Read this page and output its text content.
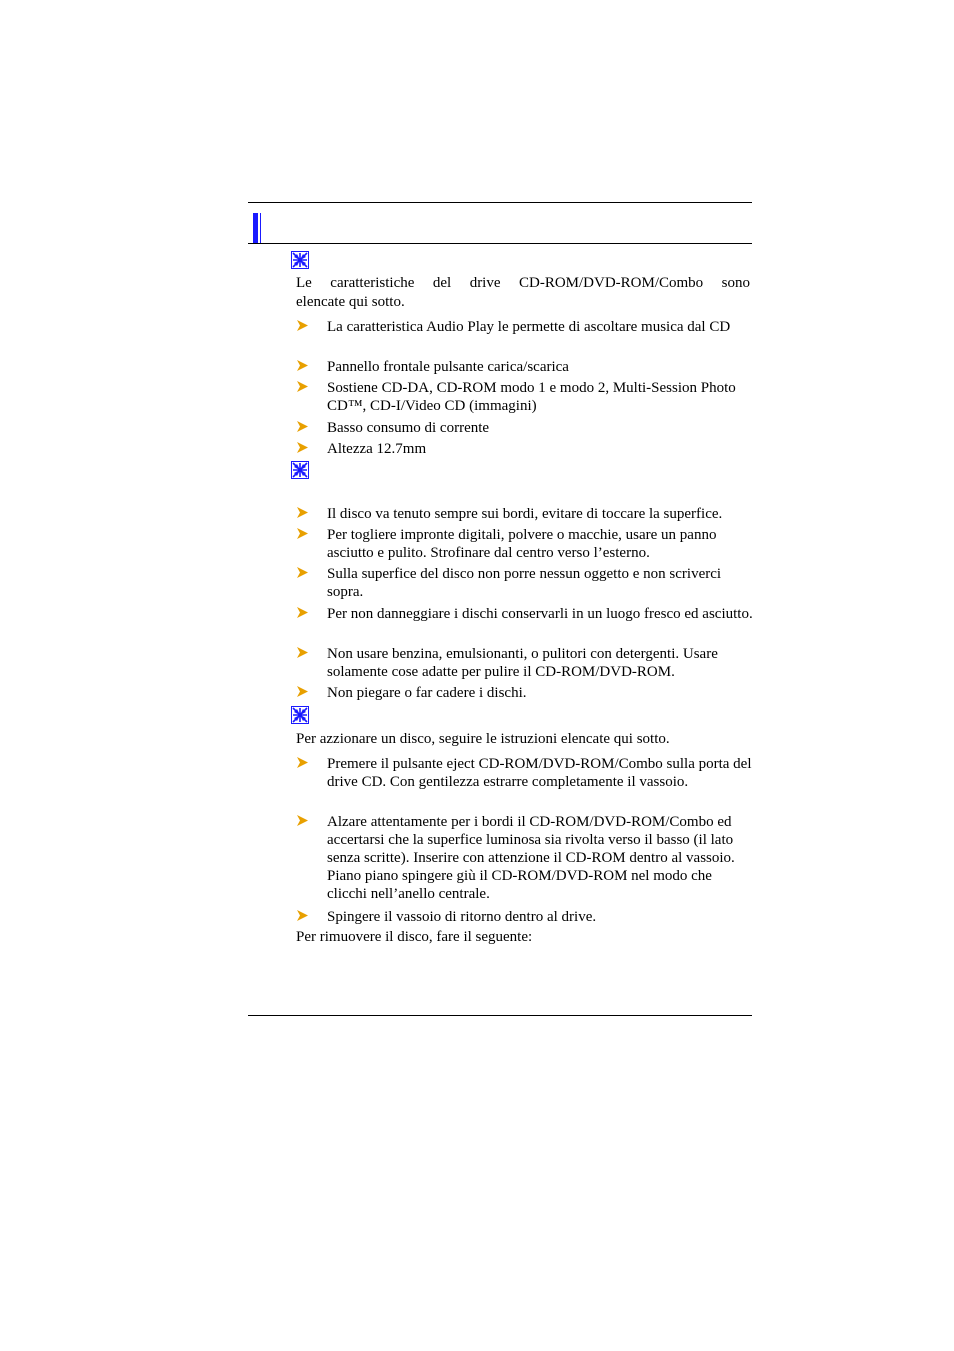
Le caratteristiche del drive CD-ROM/DVD-ROM/Combo sono
elencate qui sotto.
La caratteristica Audio Play le permette di ascoltare musica dal CD
Pannello frontale pulsante carica/scarica
Sostiene CD-DA, CD-ROM modo 1 e modo 2, Multi-Session Photo CD™, CD-I/Video CD (immagini)
Basso consumo di corrente
Altezza 12.7mm
Il disco va tenuto sempre sui bordi, evitare di toccare la superfice.
Per togliere impronte digitali, polvere o macchie, usare un panno asciutto e pulito. Strofinare dal centro verso l’esterno.
Sulla superfice del disco non porre nessun oggetto e non scriverci sopra.
Per non danneggiare i dischi conservarli in un luogo fresco ed asciutto.
Non usare benzina, emulsionanti, o pulitori con detergenti. Usare solamente cose adatte per pulire il CD-ROM/DVD-ROM.
Non piegare o far cadere i dischi.
Per azzionare un disco, seguire le istruzioni elencate qui sotto.
Premere il pulsante eject CD-ROM/DVD-ROM/Combo sulla porta del drive CD. Con gentilezza estrarre completamente il vassoio.
Alzare attentamente per i bordi il CD-ROM/DVD-ROM/Combo ed accertarsi che la superfice luminosa sia rivolta verso il basso (il lato senza scritte). Inserire con attenzione il CD-ROM dentro al vassoio. Piano piano spingere giù il CD-ROM/DVD-ROM nel modo che clicchi nell’anello centrale.
Spingere il vassoio di ritorno dentro al drive.
Per rimuovere il disco, fare il seguente:
